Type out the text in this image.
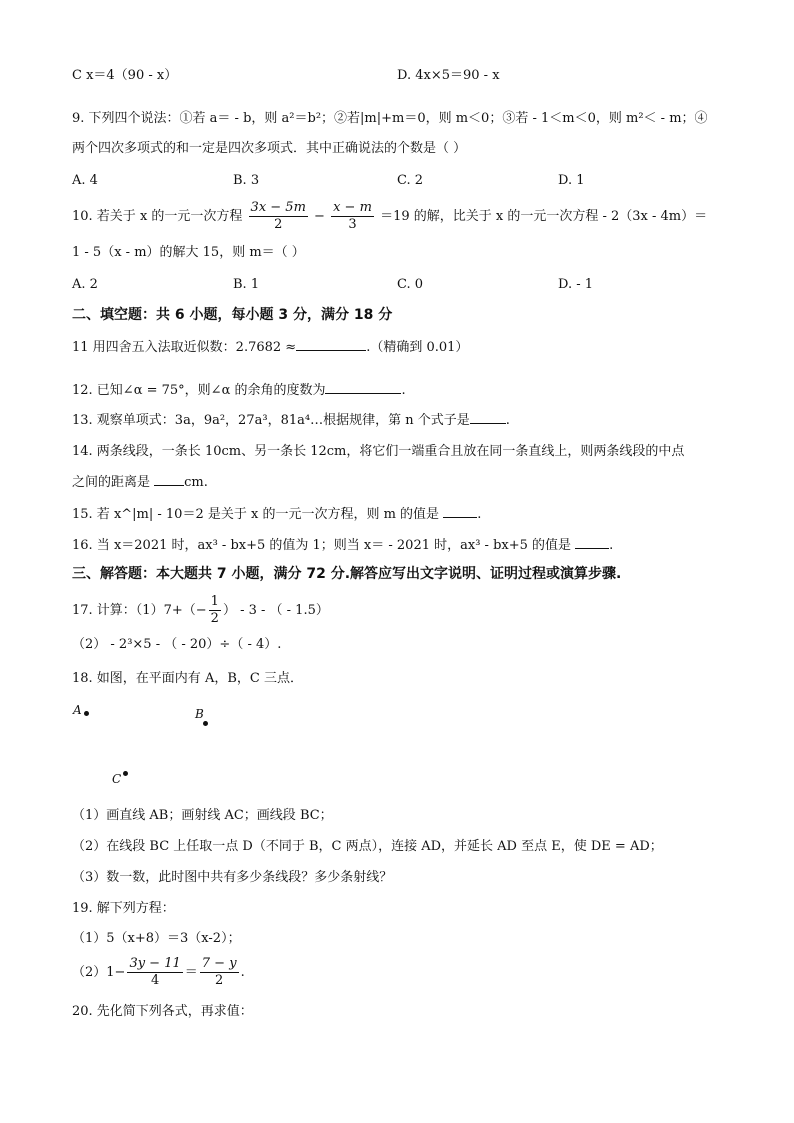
C x＝4（90 - x）	D. 4x×5＝90 - x
9. 下列四个说法：①若 a＝ - b，则 a²＝b²；②若|m|+m＝0，则 m＜0；③若 - 1＜m＜0，则 m²＜ - m；④
两个四次多项式的和一定是四次多项式．其中正确说法的个数是（ ）
A. 4	B. 3	C. 2	D. 1
10. 若关于 x 的一元一次方程 $\frac{3x - 5m}{2} - \frac{x - m}{3} =19$ 的解，比关于 x 的一元一次方程 - 2（3x - 4m）＝
1 - 5（x - m）的解大 15，则 m＝（ ）
A. 2	B. 1	C. 0	D. - 1
二、填空题：共 6 小题，每小题 3 分，满分 18 分
11 用四舍五入法取近似数：2.7682 ≈	.（精确到 0.01）
12. 已知∠α = 75°，则∠α 的余角的度数为	.
13. 观察单项式：3a，9a²，27a³，81a⁴…根据规律，第 n 个式子是	.
14. 两条线段，一条长 10cm、另一条长 12cm，将它们一端重合且放在同一条直线上，则两条线段的中点
之间的距离是 cm.
15. 若 x^|m| - 10＝2 是关于 x 的一元一次方程，则 m 的值是	.
16. 当 x＝2021 时，ax³ - bx+5 的值为 1；则当 x＝ - 2021 时，ax³ - bx+5 的值是	.
三、解答题：本大题共 7 小题，满分 72 分.解答应写出文字说明、证明过程或演算步骤.
17. 计算：$(1)7+(- \frac{1}{2}$ ） - 3 - （ - 1.5）
（2） - 2³×5 - （ - 20）÷（ - 4）.
18. 如图，在平面内有 A，B，C 三点．
A	B
C
（1）画直线 AB；画射线 AC；画线段 BC；
（2）在线段 BC 上任取一点 D（不同于 B，C 两点），连接 AD，并延长 AD 至点 E，使 DE = AD；
（3）数一数，此时图中共有多少条线段？多少条射线？
19. 解下列方程：
（1）5（x+8）＝3（x-2）；
$(2)1- \frac{3y - 11}{4} = \frac{7 - y}{2}$ .
20. 先化简下列各式，再求值：
